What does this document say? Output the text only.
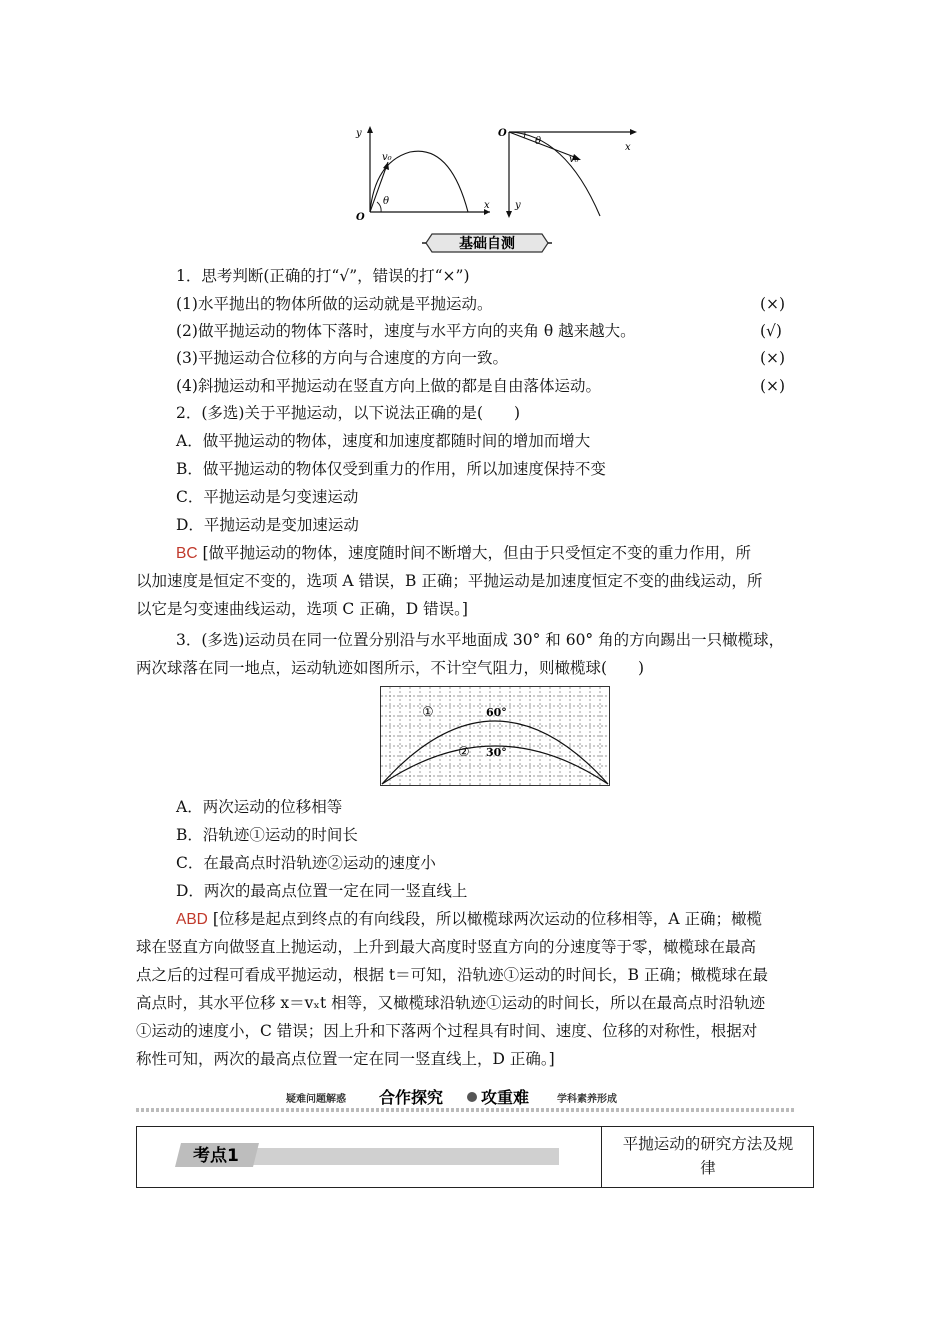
y
v₀
θ
O
x
O
θ
v₀
x
y
基础自测
1．思考判断(正确的打“√”，错误的打“×”)
(1)水平抛出的物体所做的运动就是平抛运动。	(×)
(2)做平抛运动的物体下落时，速度与水平方向的夹角 θ 越来越大。	(√)
(3)平抛运动合位移的方向与合速度的方向一致。	(×)
(4)斜抛运动和平抛运动在竖直方向上做的都是自由落体运动。	(×)
2．(多选)关于平抛运动，以下说法正确的是(　　)
A．做平抛运动的物体，速度和加速度都随时间的增加而增大
B．做平抛运动的物体仅受到重力的作用，所以加速度保持不变
C．平抛运动是匀变速运动
D．平抛运动是变加速运动
BC [做平抛运动的物体，速度随时间不断增大，但由于只受恒定不变的重力作用，所
以加速度是恒定不变的，选项 A 错误，B 正确；平抛运动是加速度恒定不变的曲线运动，所
以它是匀变速曲线运动，选项 C 正确，D 错误。]
3．(多选)运动员在同一位置分别沿与水平地面成 30° 和 60° 角的方向踢出一只橄榄球，
两次球落在同一地点，运动轨迹如图所示，不计空气阻力，则橄榄球(　　)
①	60°
② 30°
A．两次运动的位移相等
B．沿轨迹①运动的时间长
C．在最高点时沿轨迹②运动的速度小
D．两次的最高点位置一定在同一竖直线上
ABD [位移是起点到终点的有向线段，所以橄榄球两次运动的位移相等，A 正确；橄榄
球在竖直方向做竖直上抛运动，上升到最大高度时竖直方向的分速度等于零，橄榄球在最高
点之后的过程可看成平抛运动，根据 t＝可知，沿轨迹①运动的时间长，B 正确；橄榄球在最
高点时，其水平位移 x＝vₓt 相等，又橄榄球沿轨迹①运动的时间长，所以在最高点时沿轨迹
①运动的速度小，C 错误；因上升和下落两个过程具有时间、速度、位移的对称性，根据对
称性可知，两次的最高点位置一定在同一竖直线上，D 正确。]
疑难问题解惑 合作探究 攻重难	学科素养形成
考点1
平抛运动的研究方法及规
律
